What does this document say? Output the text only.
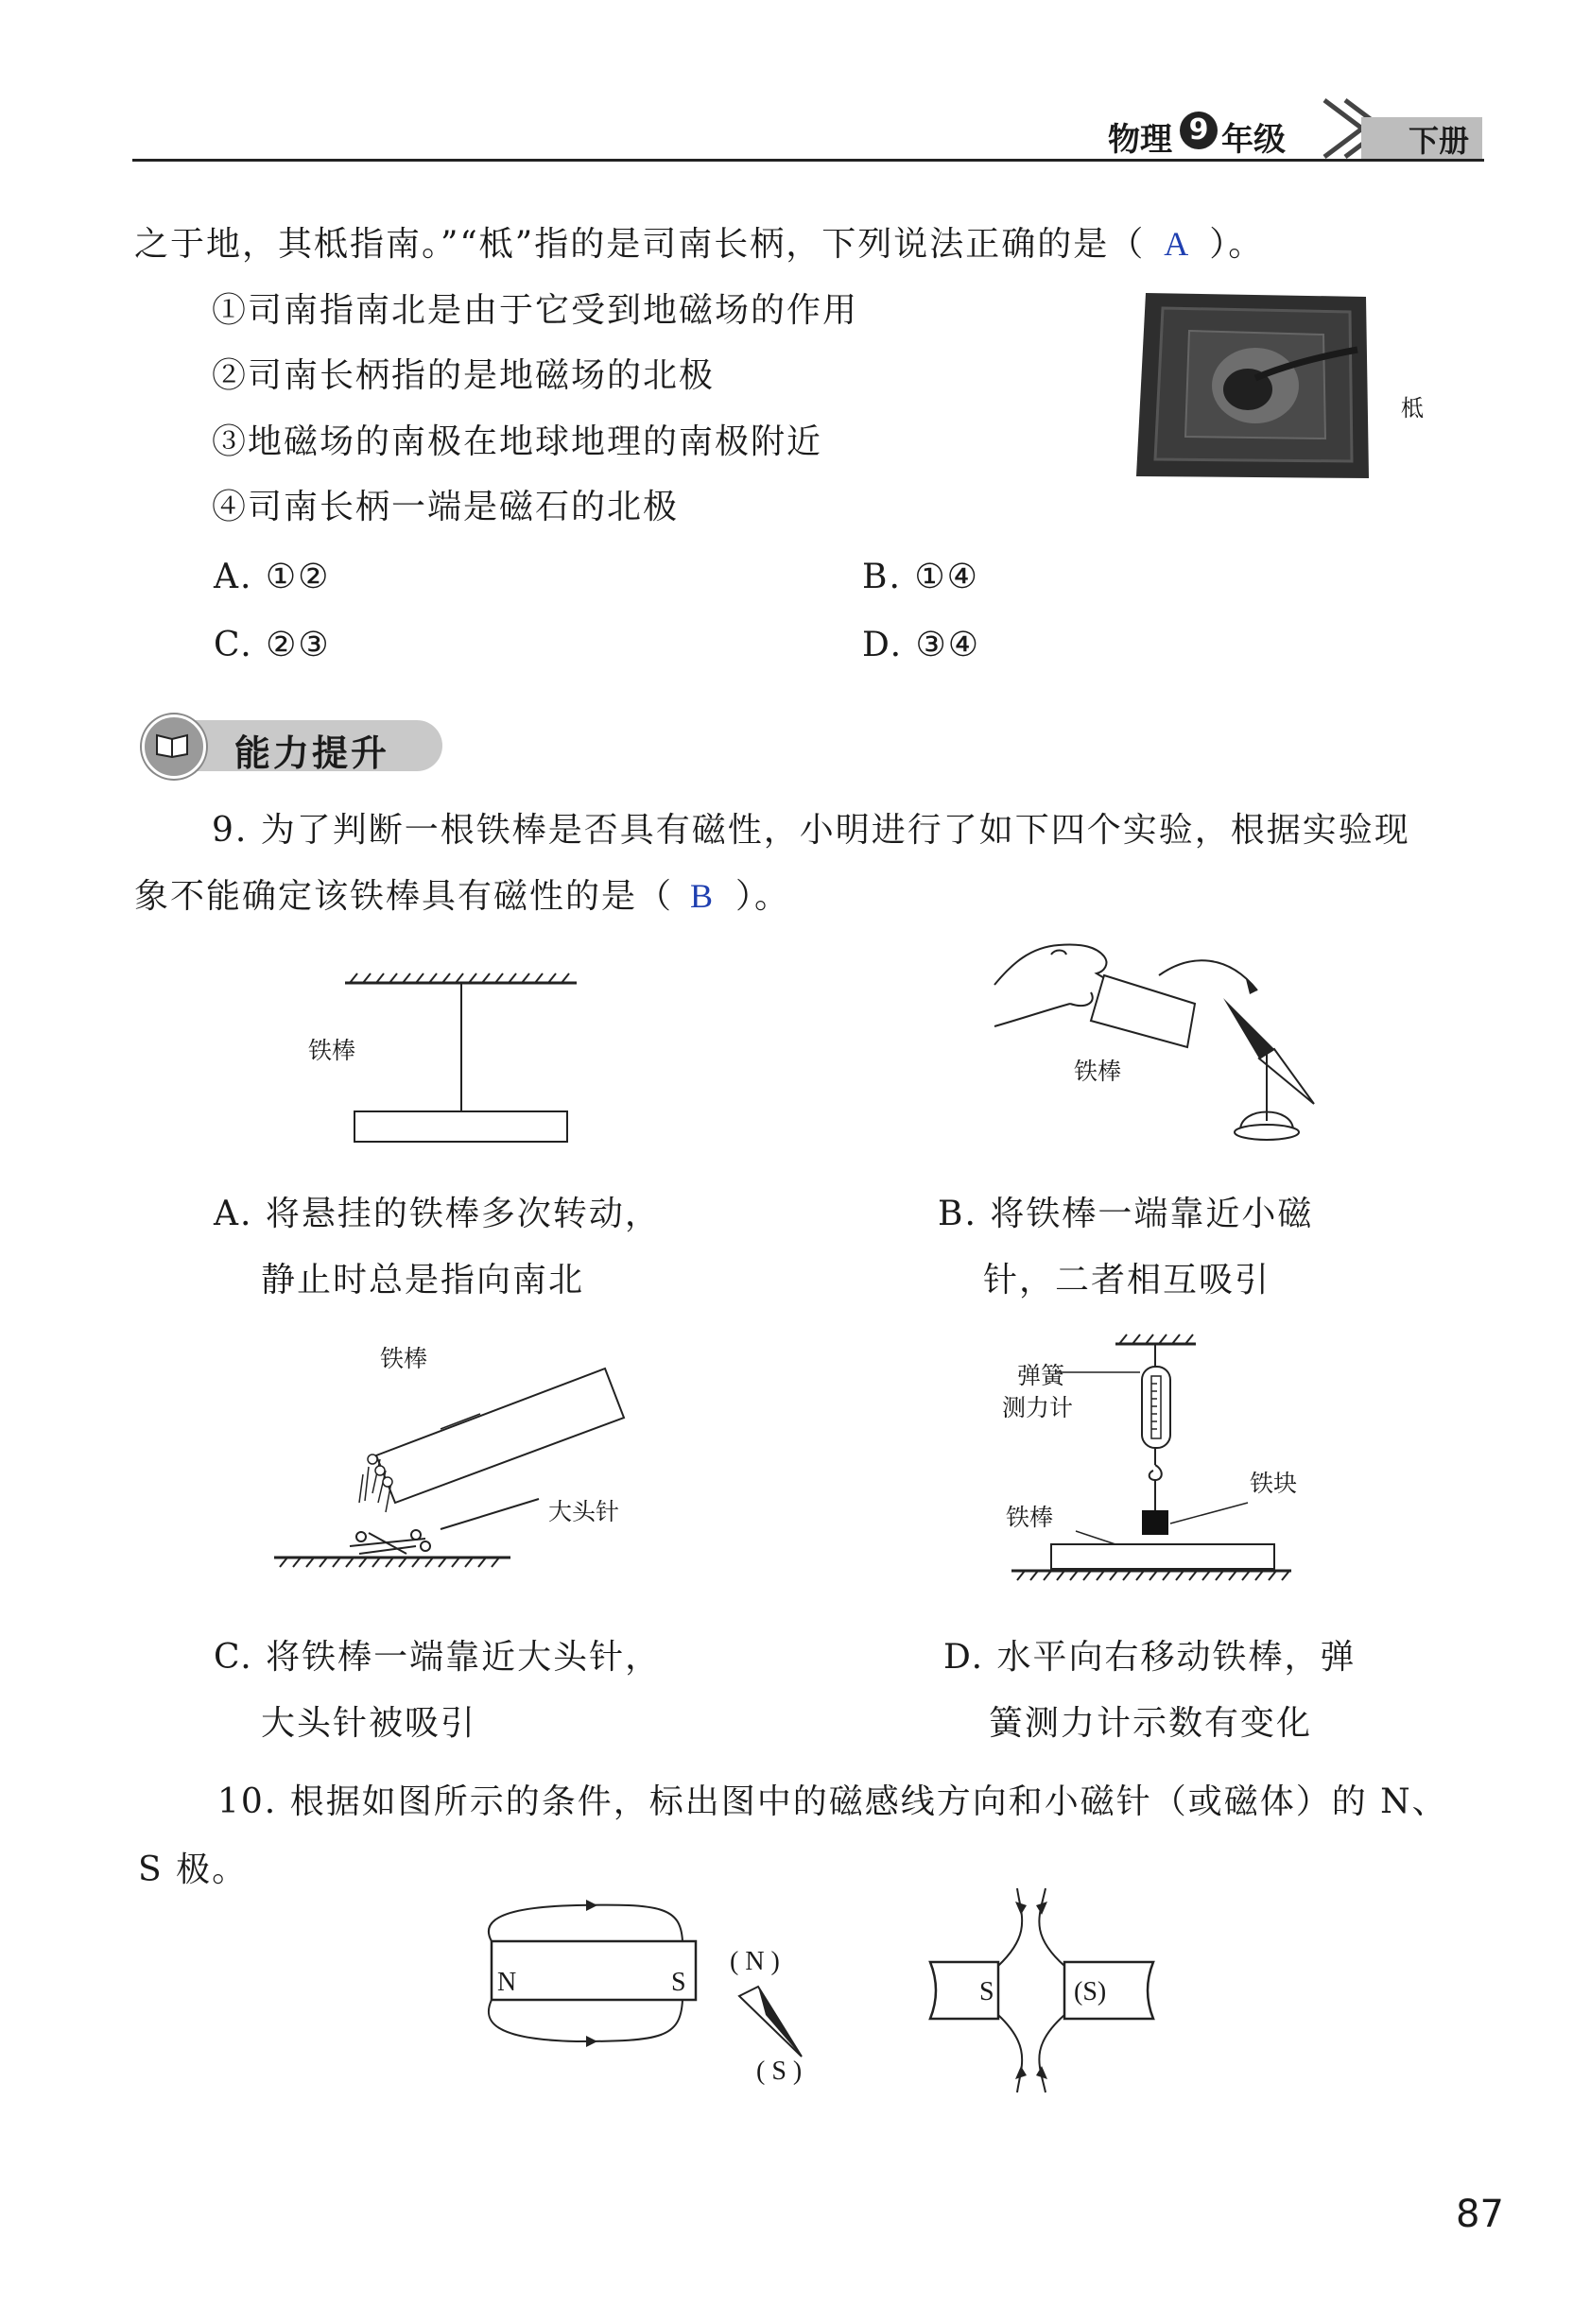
物理 9 年级	下册
之于地，其柢指南。”“柢”指的是司南长柄，下列说法正确的是（ A ）。
①司南指南北是由于它受到地磁场的作用
②司南长柄指的是地磁场的北极
③地磁场的南极在地球地理的南极附近
④司南长柄一端是磁石的北极
柢
A. ①②	B. ①④
C. ②③	D. ③④
能力提升
9. 为了判断一根铁棒是否具有磁性，小明进行了如下四个实验，根据实验现
象不能确定该铁棒具有磁性的是（ B ）。
铁棒
A. 将悬挂的铁棒多次转动，
静止时总是指向南北
铁棒
B. 将铁棒一端靠近小磁
针，二者相互吸引
铁棒
大头针
C. 将铁棒一端靠近大头针，
大头针被吸引
弹簧
测力计
铁块
铁棒
D. 水平向右移动铁棒，弹
簧测力计示数有变化
10. 根据如图所示的条件，标出图中的磁感线方向和小磁针（或磁体）的 N、
S 极。
N	S
( N )
( S )
S	(S)
87
